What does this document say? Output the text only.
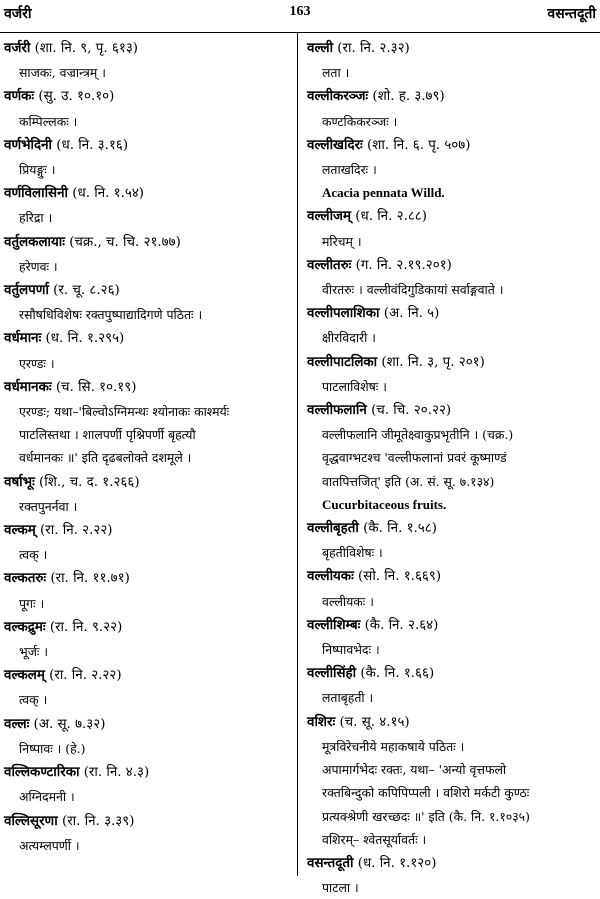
वर्जरी	163	वसन्तदूती
वर्जरी (शा. नि. ९, पृ. ६१३)
साजकः, वज्रान्त्रम् ।
वर्णकः (सु. उ. १०.१०)
कम्पिल्लकः ।
वर्णभेदिनी (ध. नि. ३.१६)
प्रियङ्गुः ।
वर्णविलासिनी (ध. नि. १.५४)
हरिद्रा ।
वर्तुलकलायाः (चक्र., च. चि. २१.७७)
हरेणवः ।
वर्तुलपर्णा (र. चू. ८.२६)
रसौषधिविशेषः रक्तपुष्पाद्यादिगणे पठितः ।
वर्धमानः (ध. नि. १.२९५)
एरण्डः ।
वर्धमानकः (च. सि. १०.१९)
एरण्डः; यथा–'बिल्वोऽग्निमन्थः श्योनाकः काश्मर्यः
पाटलिस्तथा । शालपर्णी पृश्निपर्णी बृहत्यौ
वर्धमानकः ॥' इति दृढबलोक्ते दशमूले ।
वर्षाभूः (शि., च. द. १.२६६)
रक्तपुनर्नवा ।
वल्कम् (रा. नि. २.२२)
त्वक् ।
वल्कतरुः (रा. नि. ११.७१)
पूगः ।
वल्कद्रुमः (रा. नि. ९.२२)
भूर्जः ।
वल्कलम् (रा. नि. २.२२)
त्वक् ।
वल्लः (अ. सू. ७.३२)
निष्पावः । (हे.)
वल्लिकण्टारिका (रा. नि. ४.३)
अग्निदमनी ।
वल्लिसूरणा (रा. नि. ३.३९)
अत्यम्लपर्णी ।
वल्ली (रा. नि. २.३२)
लता ।
वल्लीकरञ्जः (शो. ह. ३.७९)
कण्टकिकरञ्जः ।
वल्लीखदिरः (शा. नि. ६. पृ. ५०७)
लताखदिरः ।
Acacia pennata Willd.
वल्लीजम् (ध. नि. २.८८)
मरिचम् ।
वल्लीतरुः (ग. नि. २.१९.२०१)
वीरतरुः । वल्लीवंदिगुडिकायां सर्वाङ्गवाते ।
वल्लीपलाशिका (अ. नि. ५)
क्षीरविदारी ।
वल्लीपाटलिका (शा. नि. ३, पृ. २०१)
पाटलाविशेषः ।
वल्लीफलानि (च. चि. २०.२२)
वल्लीफलानि जीमूतेक्ष्वाकुप्रभृतीनि । (चक्र.)
वृद्धवाग्भटश्च 'वल्लीफलानां प्रवरं कूष्माण्डं
वातपित्तजित्' इति (अ. सं. सू. ७.१३४)
Cucurbitaceous fruits.
वल्लीबृहती (कै. नि. १.५८)
बृहतीविशेषः ।
वल्लीयकः (सो. नि. १.६६९)
वल्लीयकः ।
वल्लीशिम्बः (कै. नि. २.६४)
निष्पावभेदः ।
वल्लीसिंही (कै. नि. १.६६)
लताबृहती ।
वशिरः (च. सू. ४.१५)
मूत्रविरेचनीये महाकषाये पठितः ।
अपामार्गभेदः रक्तः, यथा– 'अन्यो वृत्तफलो
रक्तबिन्दुको कपिपिप्पली । वशिरो मर्कटी कुण्ठः
प्रत्यक्श्रेणी खरच्छदः ॥' इति (कै. नि. १.१०३५)
वशिरम्– श्वेतसूर्यावर्तः ।
वसन्तदूती (ध. नि. १.१२०)
पाटला ।
